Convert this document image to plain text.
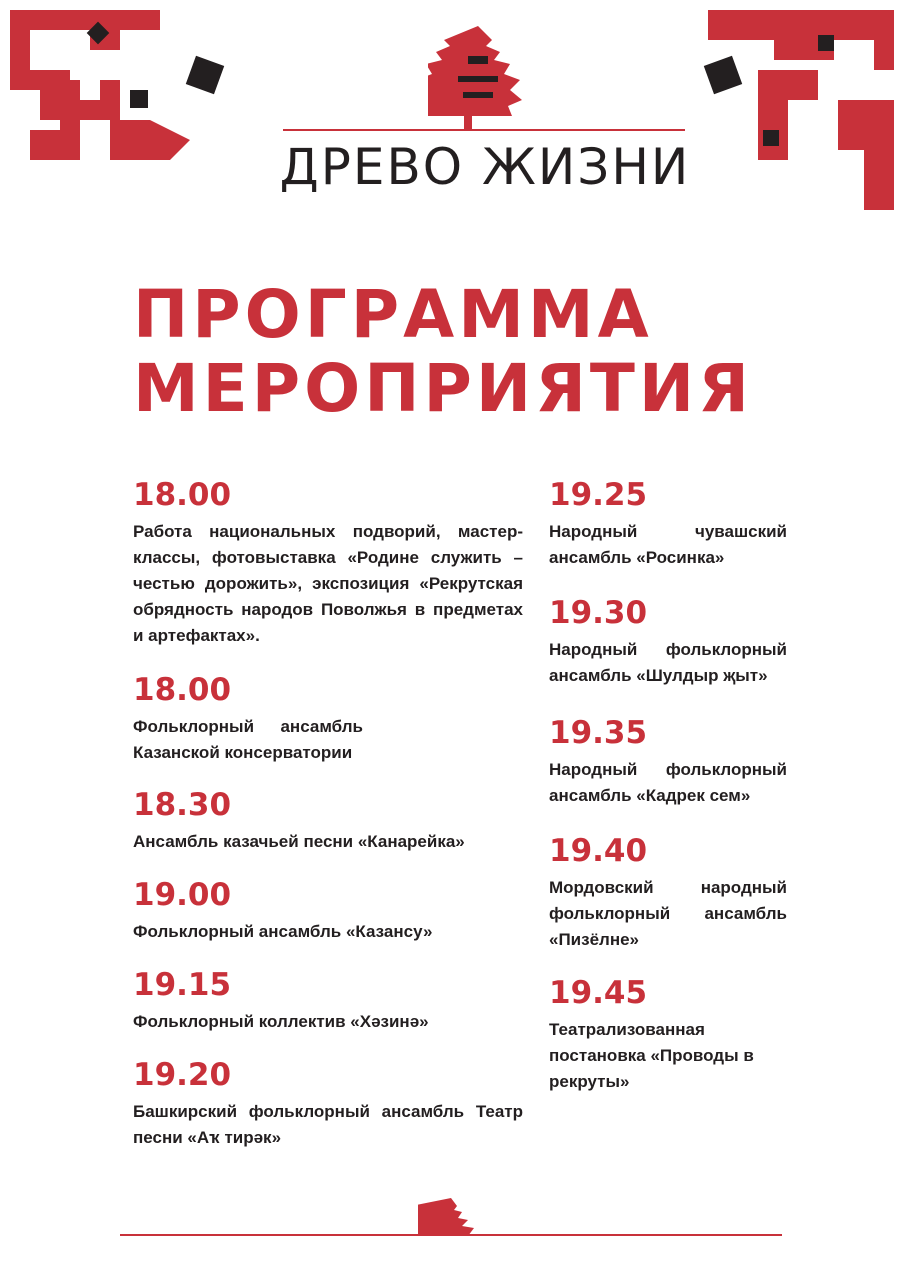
ДРЕВО ЖИЗНИ
ПРОГРАММА
МЕРОПРИЯТИЯ
18.00
Работа национальных подворий, мастер-классы, фотовыставка «Родине служить – честью дорожить», экспозиция «Рекрутская обрядность народов Поволжья в предметах и артефактах».
18.00
Фольклорный ансамбль Казанской консерватории
18.30
Ансамбль казачьей песни «Канарейка»
19.00
Фольклорный ансамбль «Казансу»
19.15
Фольклорный коллектив «Хәзинә»
19.20
Башкирский фольклорный ансамбль Театр песни «Аҡ тирәк»
19.25
Народный чувашский ансамбль «Росинка»
19.30
Народный фольклорный ансамбль «Шулдыр җыт»
19.35
Народный фольклорный ансамбль «Кадрек сем»
19.40
Мордовский народный фольклорный ансамбль «Пизёлне»
19.45
Театрализованная постановка «Проводы в рекруты»
